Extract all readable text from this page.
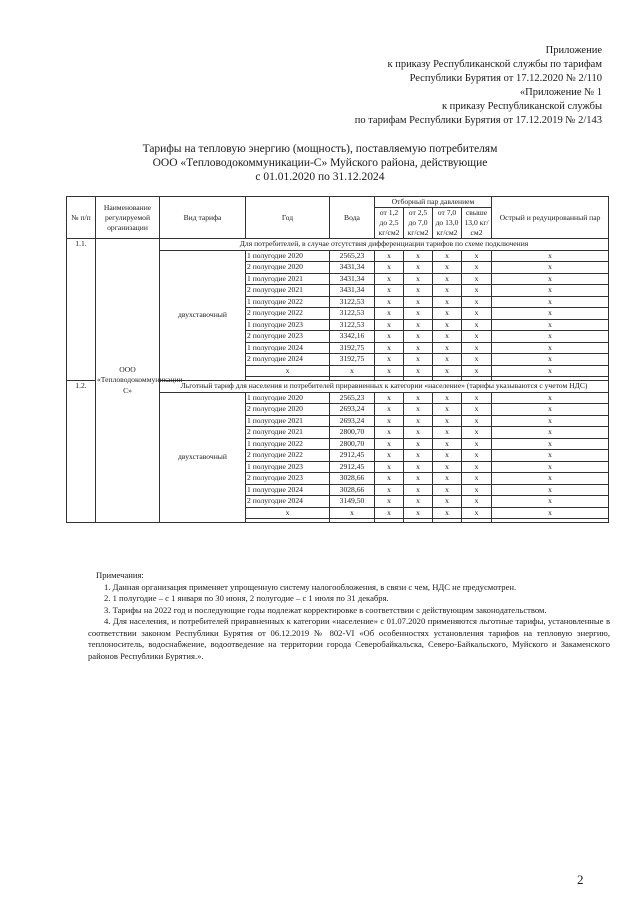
Приложение
к приказу Республиканской службы по тарифам
Республики Бурятия от 17.12.2020 № 2/110
«Приложение № 1
к приказу Республиканской службы
по тарифам Республики Бурятия от 17.12.2019 № 2/143
Тарифы на тепловую энергию (мощность), поставляемую потребителям
ООО «Тепловодокоммуникации-С» Муйского района, действующие
с 01.01.2020 по 31.12.2024
№ п/п	Наименование регулируемой организации	Вид тарифа	Год	Вода	Отборный пар давлением				Острый и редуцированный пар
					от 1,2 до 2,5 кг/см2	от 2,5 до 7,0 кг/см2	от 7,0 до 13,0 кг/см2	свыше 13,0 кг/см2	
1.1.	ООО «Тепловодокоммуникации-С»	Для потребителей, в случае отсутствия дифференциации тарифов по схеме подключения							
		двухставочный	1 полугодие 2020	2565,23	x	x	x	x	x
			2 полугодие 2020	3431,34	x	x	x	x	x
			1 полугодие 2021	3431,34	x	x	x	x	x
			2 полугодие 2021	3431,34	x	x	x	x	x
			1 полугодие 2022	3122,53	x	x	x	x	x
			2 полугодие 2022	3122,53	x	x	x	x	x
			1 полугодие 2023	3122,53	x	x	x	x	x
			2 полугодие 2023	3342,16	x	x	x	x	x
			1 полугодие 2024	3192,75	x	x	x	x	x
			2 полугодие 2024	3192,75	x	x	x	x	x
			x	x	x	x	x	x	x

1.2.		Льготный тариф для населения и потребителей приравненных к категории «население» (тарифы указываются с учетом НДС)							
		двухставочный	1 полугодие 2020	2565,23	x	x	x	x	x
			2 полугодие 2020	2693,24	x	x	x	x	x
			1 полугодие 2021	2693,24	x	x	x	x	x
			2 полугодие 2021	2800,70	x	x	x	x	x
			1 полугодие 2022	2800,70	x	x	x	x	x
			2 полугодие 2022	2912,45	x	x	x	x	x
			1 полугодие 2023	2912,45	x	x	x	x	x
			2 полугодие 2023	3028,66	x	x	x	x	x
			1 полугодие 2024	3028,66	x	x	x	x	x
			2 полугодие 2024	3149,50	x	x	x	x	x
			x	x	x	x	x	x	x

Примечания:

1. Данная организация применяет упрощенную систему налогообложения, в связи с чем, НДС не предусмотрен.

2. 1 полугодие – с 1 января по 30 июня, 2 полугодие – с 1 июля по 31 декабря.

3. Тарифы на 2022 год и последующие годы подлежат корректировке в соответствии с действующим законодательством.

4. Для населения, и потребителей приравненных к категории «население» с 01.07.2020 применяются льготные тарифы, установленные в соответствии законом Республики Бурятия от 06.12.2019 № 802-VI «Об особенностях установления тарифов на тепловую энергию, теплоноситель, водоснабжение, водоотведение на территории города Северобайкальска, Северо-Байкальского, Муйского и Закаменского районов Республики Бурятия.».

2
